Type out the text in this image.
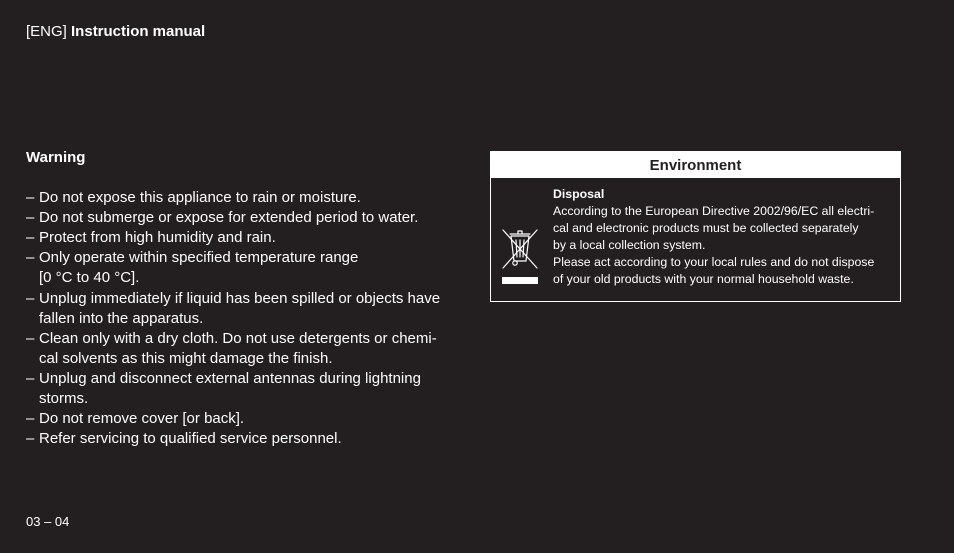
[ENG] Instruction manual
Warning
– Do not expose this appliance to rain or moisture.
– Do not submerge or expose for extended period to water.
– Protect from high humidity and rain.
– Only operate within specified temperature range
[0 °C to 40 °C].
– Unplug immediately if liquid has been spilled or objects have
fallen into the apparatus.
– Clean only with a dry cloth. Do not use detergents or chemi-
cal solvents as this might damage the finish.
– Unplug and disconnect external antennas during lightning
storms.
– Do not remove cover [or back].
– Refer servicing to qualified service personnel.
Environment
Disposal
According to the European Directive 2002/96/EC all electri-
cal and electronic products must be collected separately
by a local collection system.
Please act according to your local rules and do not dispose
of your old products with your normal household waste.
03 – 04
